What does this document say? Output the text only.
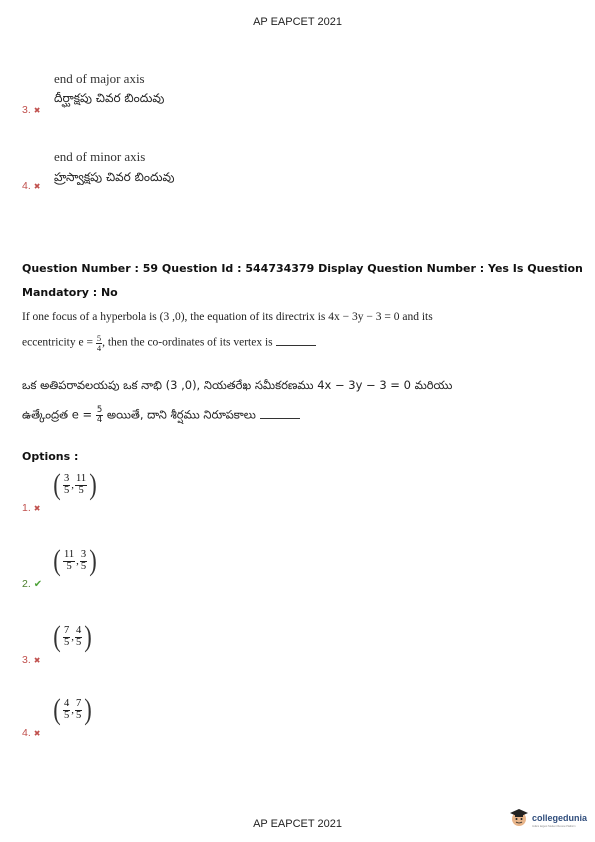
AP EAPCET 2021
end of major axis
దీర్ఘాక్షపు చివర బిందువు
3. ✖
end of minor axis
హ్రస్వాక్షపు చివర బిందువు
4. ✖
Question Number : 59 Question Id : 544734379 Display Question Number : Yes Is Question
Mandatory : No
If one focus of a hyperbola is (3 ,0), the equation of its directrix is 4x − 3y − 3 = 0 and its
eccentricity $e = \frac{5}{4}$ , then the co-ordinates of its vertex is
ఒక అతిపరావలయపు ఒక నాభి (3 ,0), నియతరేఖ సమీకరణము 4x − 3y − 3 = 0 మరియు
ఉత్కేంద్రత $e = \frac{5}{4}$ అయితే, దాని శీర్షము నిరూపకాలు
Options :
( $\frac{3}{5}$ , $\frac{11}{5}$ )
1. ✖
( $\frac{11}{5}$ , $\frac{3}{5}$ )
2. ✔
( $\frac{7}{5}$ , $\frac{4}{5}$ )
3. ✖
( $\frac{4}{5}$ , $\frac{7}{5}$ )
4. ✖
AP EAPCET 2021	collegedunia
India's largest Student Review Platform
